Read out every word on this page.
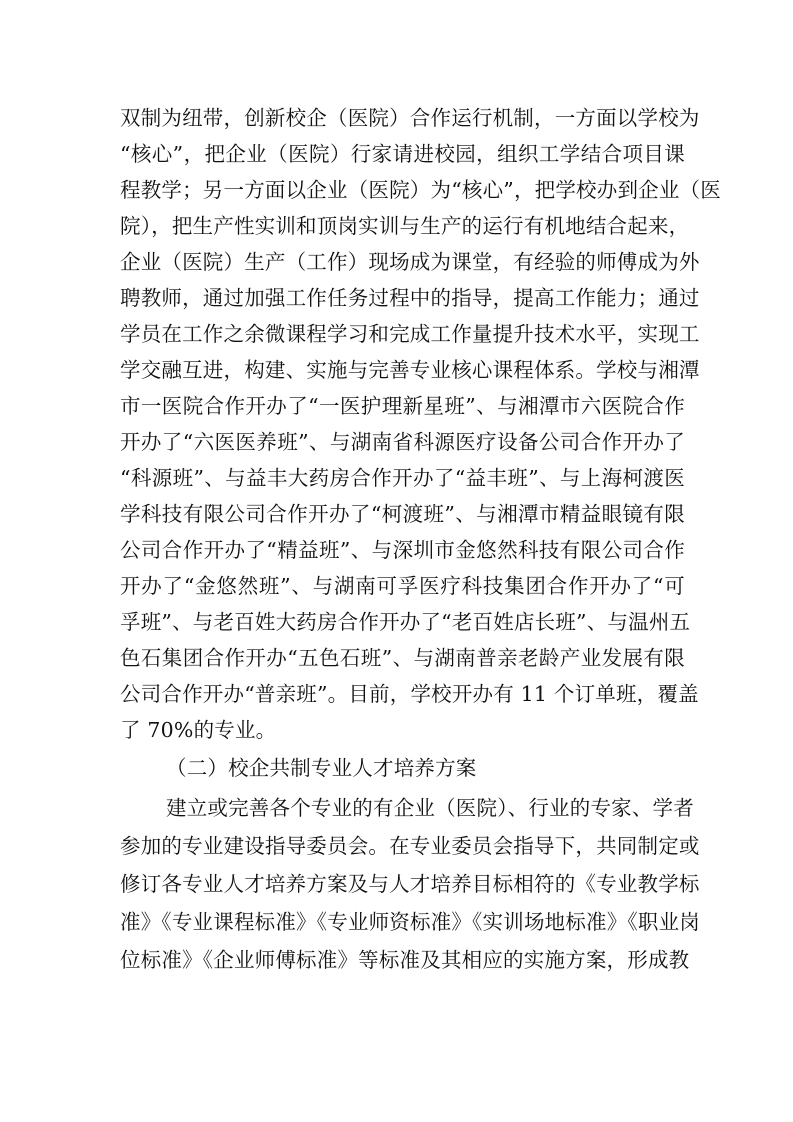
双制为纽带，创新校企（医院）合作运行机制，一方面以学校为
“核心”，把企业（医院）行家请进校园，组织工学结合项目课
程教学；另一方面以企业（医院）为“核心”，把学校办到企业（医
院），把生产性实训和顶岗实训与生产的运行有机地结合起来，
企业（医院）生产（工作）现场成为课堂，有经验的师傅成为外
聘教师，通过加强工作任务过程中的指导，提高工作能力；通过
学员在工作之余微课程学习和完成工作量提升技术水平，实现工
学交融互进，构建、实施与完善专业核心课程体系。学校与湘潭
市一医院合作开办了“一医护理新星班”、与湘潭市六医院合作
开办了“六医医养班”、与湖南省科源医疗设备公司合作开办了
“科源班”、与益丰大药房合作开办了“益丰班”、与上海柯渡医
学科技有限公司合作开办了“柯渡班”、与湘潭市精益眼镜有限
公司合作开办了“精益班”、与深圳市金悠然科技有限公司合作
开办了“金悠然班”、与湖南可孚医疗科技集团合作开办了“可
孚班”、与老百姓大药房合作开办了“老百姓店长班”、与温州五
色石集团合作开办“五色石班”、与湖南普亲老龄产业发展有限
公司合作开办“普亲班”。目前，学校开办有 11 个订单班，覆盖
了 70%的专业。
（二）校企共制专业人才培养方案
建立或完善各个专业的有企业（医院）、行业的专家、学者
参加的专业建设指导委员会。在专业委员会指导下，共同制定或
修订各专业人才培养方案及与人才培养目标相符的《专业教学标
准》《专业课程标准》《专业师资标准》《实训场地标准》《职业岗
位标准》《企业师傅标准》等标准及其相应的实施方案，形成教
